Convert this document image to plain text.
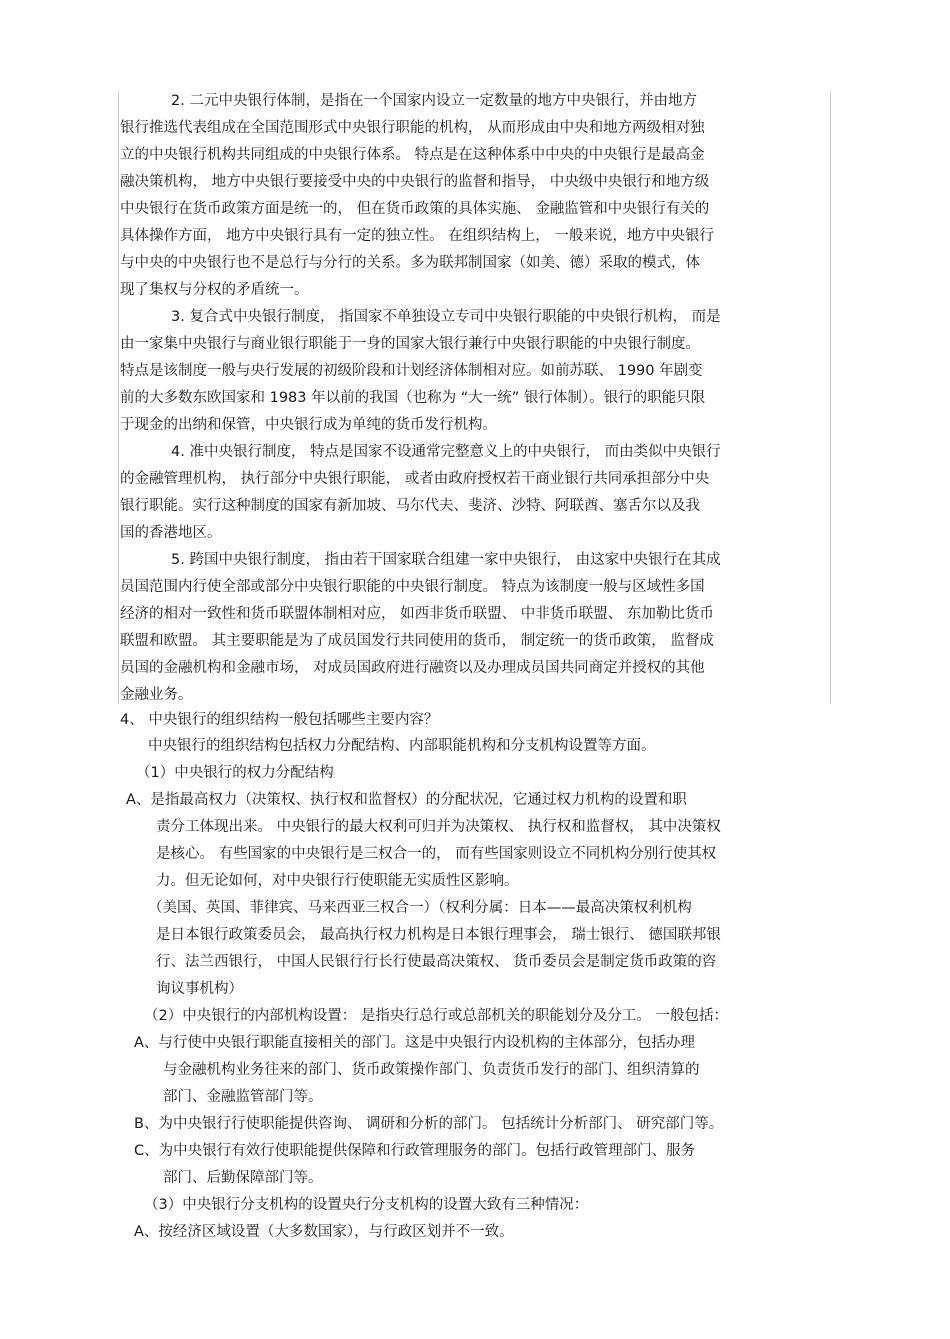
2. 二元中央银行体制，是指在一个国家内设立一定数量的地方中央银行，并由地方
银行推选代表组成在全国范围形式中央银行职能的机构， 从而形成由中央和地方两级相对独
立的中央银行机构共同组成的中央银行体系。 特点是在这种体系中中央的中央银行是最高金
融决策机构， 地方中央银行要接受中央的中央银行的监督和指导， 中央级中央银行和地方级
中央银行在货币政策方面是统一的， 但在货币政策的具体实施、 金融监管和中央银行有关的
具体操作方面， 地方中央银行具有一定的独立性。 在组织结构上， 一般来说，地方中央银行
与中央的中央银行也不是总行与分行的关系。多为联邦制国家（如美、德）采取的模式，体
现了集权与分权的矛盾统一。
3. 复合式中央银行制度， 指国家不单独设立专司中央银行职能的中央银行机构， 而是
由一家集中央银行与商业银行职能于一身的国家大银行兼行中央银行职能的中央银行制度。
特点是该制度一般与央行发展的初级阶段和计划经济体制相对应。如前苏联、 1990 年剧变
前的大多数东欧国家和 1983 年以前的我国（也称为 “大一统” 银行体制）。银行的职能只限
于现金的出纳和保管，中央银行成为单纯的货币发行机构。
4. 准中央银行制度， 特点是国家不设通常完整意义上的中央银行， 而由类似中央银行
的金融管理机构， 执行部分中央银行职能， 或者由政府授权若干商业银行共同承担部分中央
银行职能。实行这种制度的国家有新加坡、马尔代夫、斐济、沙特、阿联酋、塞舌尔以及我
国的香港地区。
5. 跨国中央银行制度， 指由若干国家联合组建一家中央银行， 由这家中央银行在其成
员国范围内行使全部或部分中央银行职能的中央银行制度。 特点为该制度一般与区域性多国
经济的相对一致性和货币联盟体制相对应， 如西非货币联盟、 中非货币联盟、 东加勒比货币
联盟和欧盟。 其主要职能是为了成员国发行共同使用的货币， 制定统一的货币政策， 监督成
员国的金融机构和金融市场， 对成员国政府进行融资以及办理成员国共同商定并授权的其他
金融业务。
4、 中央银行的组织结构一般包括哪些主要内容？
中央银行的组织结构包括权力分配结构、内部职能机构和分支机构设置等方面。
（1）中央银行的权力分配结构
A、是指最高权力（决策权、执行权和监督权）的分配状况，它通过权力机构的设置和职
责分工体现出来。 中央银行的最大权利可归并为决策权、 执行权和监督权， 其中决策权
是核心。 有些国家的中央银行是三权合一的， 而有些国家则设立不同机构分别行使其权
力。但无论如何，对中央银行行使职能无实质性区影响。
（美国、英国、菲律宾、马来西亚三权合一）（权利分属：日本——最高决策权利机构
是日本银行政策委员会， 最高执行权力机构是日本银行理事会， 瑞士银行、 德国联邦银
行、法兰西银行， 中国人民银行行长行使最高决策权、 货币委员会是制定货币政策的咨
询议事机构）
（2）中央银行的内部机构设置： 是指央行总行或总部机关的职能划分及分工。 一般包括：
A、与行使中央银行职能直接相关的部门。这是中央银行内设机构的主体部分，包括办理
与金融机构业务往来的部门、货币政策操作部门、负责货币发行的部门、组织清算的
部门、金融监管部门等。
B、为中央银行行使职能提供咨询、 调研和分析的部门。 包括统计分析部门、 研究部门等。
C、为中央银行有效行使职能提供保障和行政管理服务的部门。包括行政管理部门、服务
部门、后勤保障部门等。
（3）中央银行分支机构的设置央行分支机构的设置大致有三种情况：
A、按经济区域设置（大多数国家），与行政区划并不一致。
